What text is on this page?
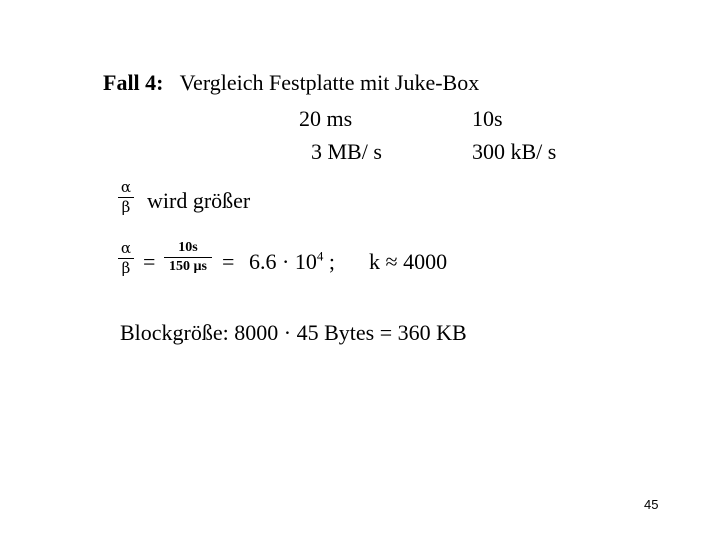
Fall 4: Vergleich Festplatte mit Juke-Box
20 ms	10s
3 MB/ s	300 kB/ s
α
β wird größer
α
β =
10s
150 $\mu s = 6.6 \cdot 10^4$ ; k ≈ 4000
Blockgröße: 8000 · 45 Bytes = 360 KB
45
